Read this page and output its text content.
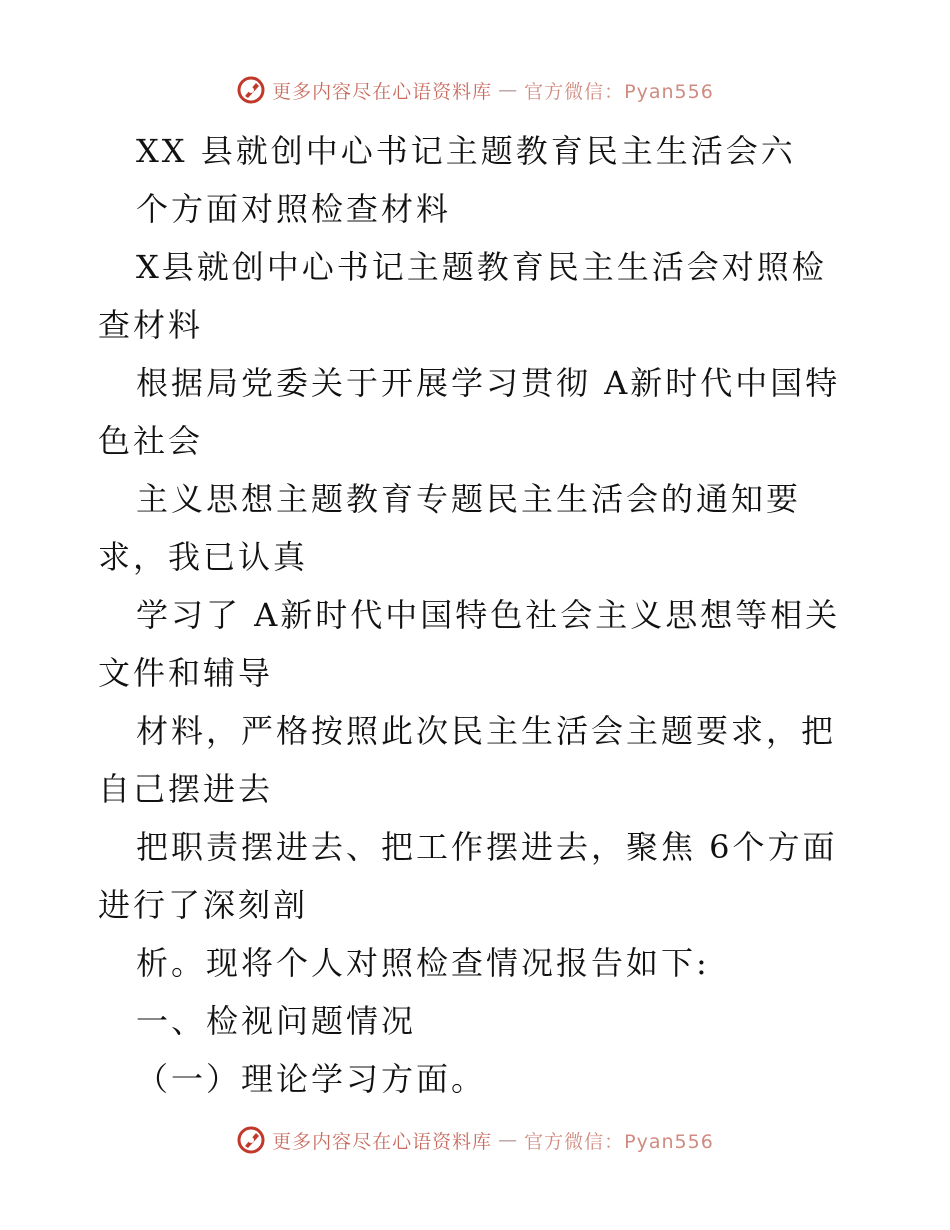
更多内容尽在心语资料库 — 官方微信：Pyan556

XX 县就创中心书记主题教育民主生活会六

个方面对照检查材料

X县就创中心书记主题教育民主生活会对照检查材料

根据局党委关于开展学习贯彻 A新时代中国特色社会

主义思想主题教育专题民主生活会的通知要求，我已认真

学习了 A新时代中国特色社会主义思想等相关文件和辅导

材料，严格按照此次民主生活会主题要求，把自己摆进去

把职责摆进去、把工作摆进去，聚焦 6个方面进行了深刻剖

析。现将个人对照检查情况报告如下:

一、检视问题情况

（一）理论学习方面。

更多内容尽在心语资料库 — 官方微信：Pyan556
